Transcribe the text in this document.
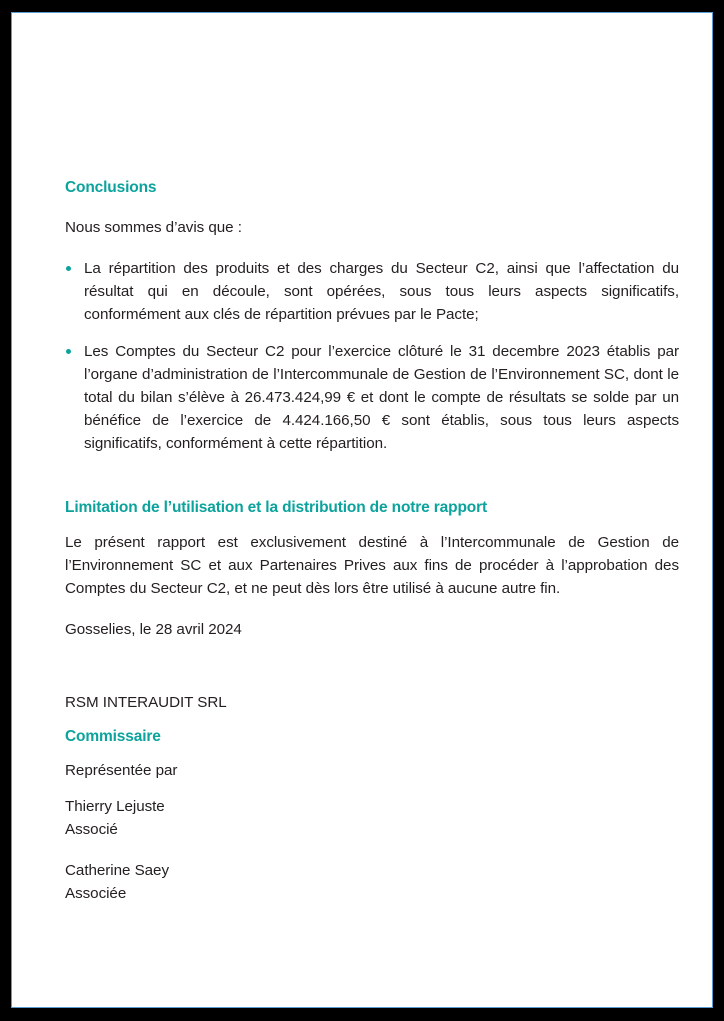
Conclusions

Nous sommes d’avis que :

La répartition des produits et des charges du Secteur C2, ainsi que l’affectation du résultat qui en découle, sont opérées, sous tous leurs aspects significatifs, conformément aux clés de répartition prévues par le Pacte;
Les Comptes du Secteur C2 pour l’exercice clôturé le 31 decembre 2023 établis par l’organe d’administration de l’Intercommunale de Gestion de l’Environnement SC, dont le total du bilan s’élève à 26.473.424,99 € et dont le compte de résultats se solde par un bénéfice de l’exercice de 4.424.166,50 € sont établis, sous tous leurs aspects significatifs, conformément à cette répartition.
Limitation de l’utilisation et la distribution de notre rapport

Le présent rapport est exclusivement destiné à l’Intercommunale de Gestion de l’Environnement SC et aux Partenaires Prives aux fins de procéder à l’approbation des Comptes du Secteur C2, et ne peut dès lors être utilisé à aucune autre fin.

Gosselies, le 28 avril 2024

RSM INTERAUDIT SRL

Commissaire

Représentée par

Thierry Lejuste

Associé

Catherine Saey

Associée
